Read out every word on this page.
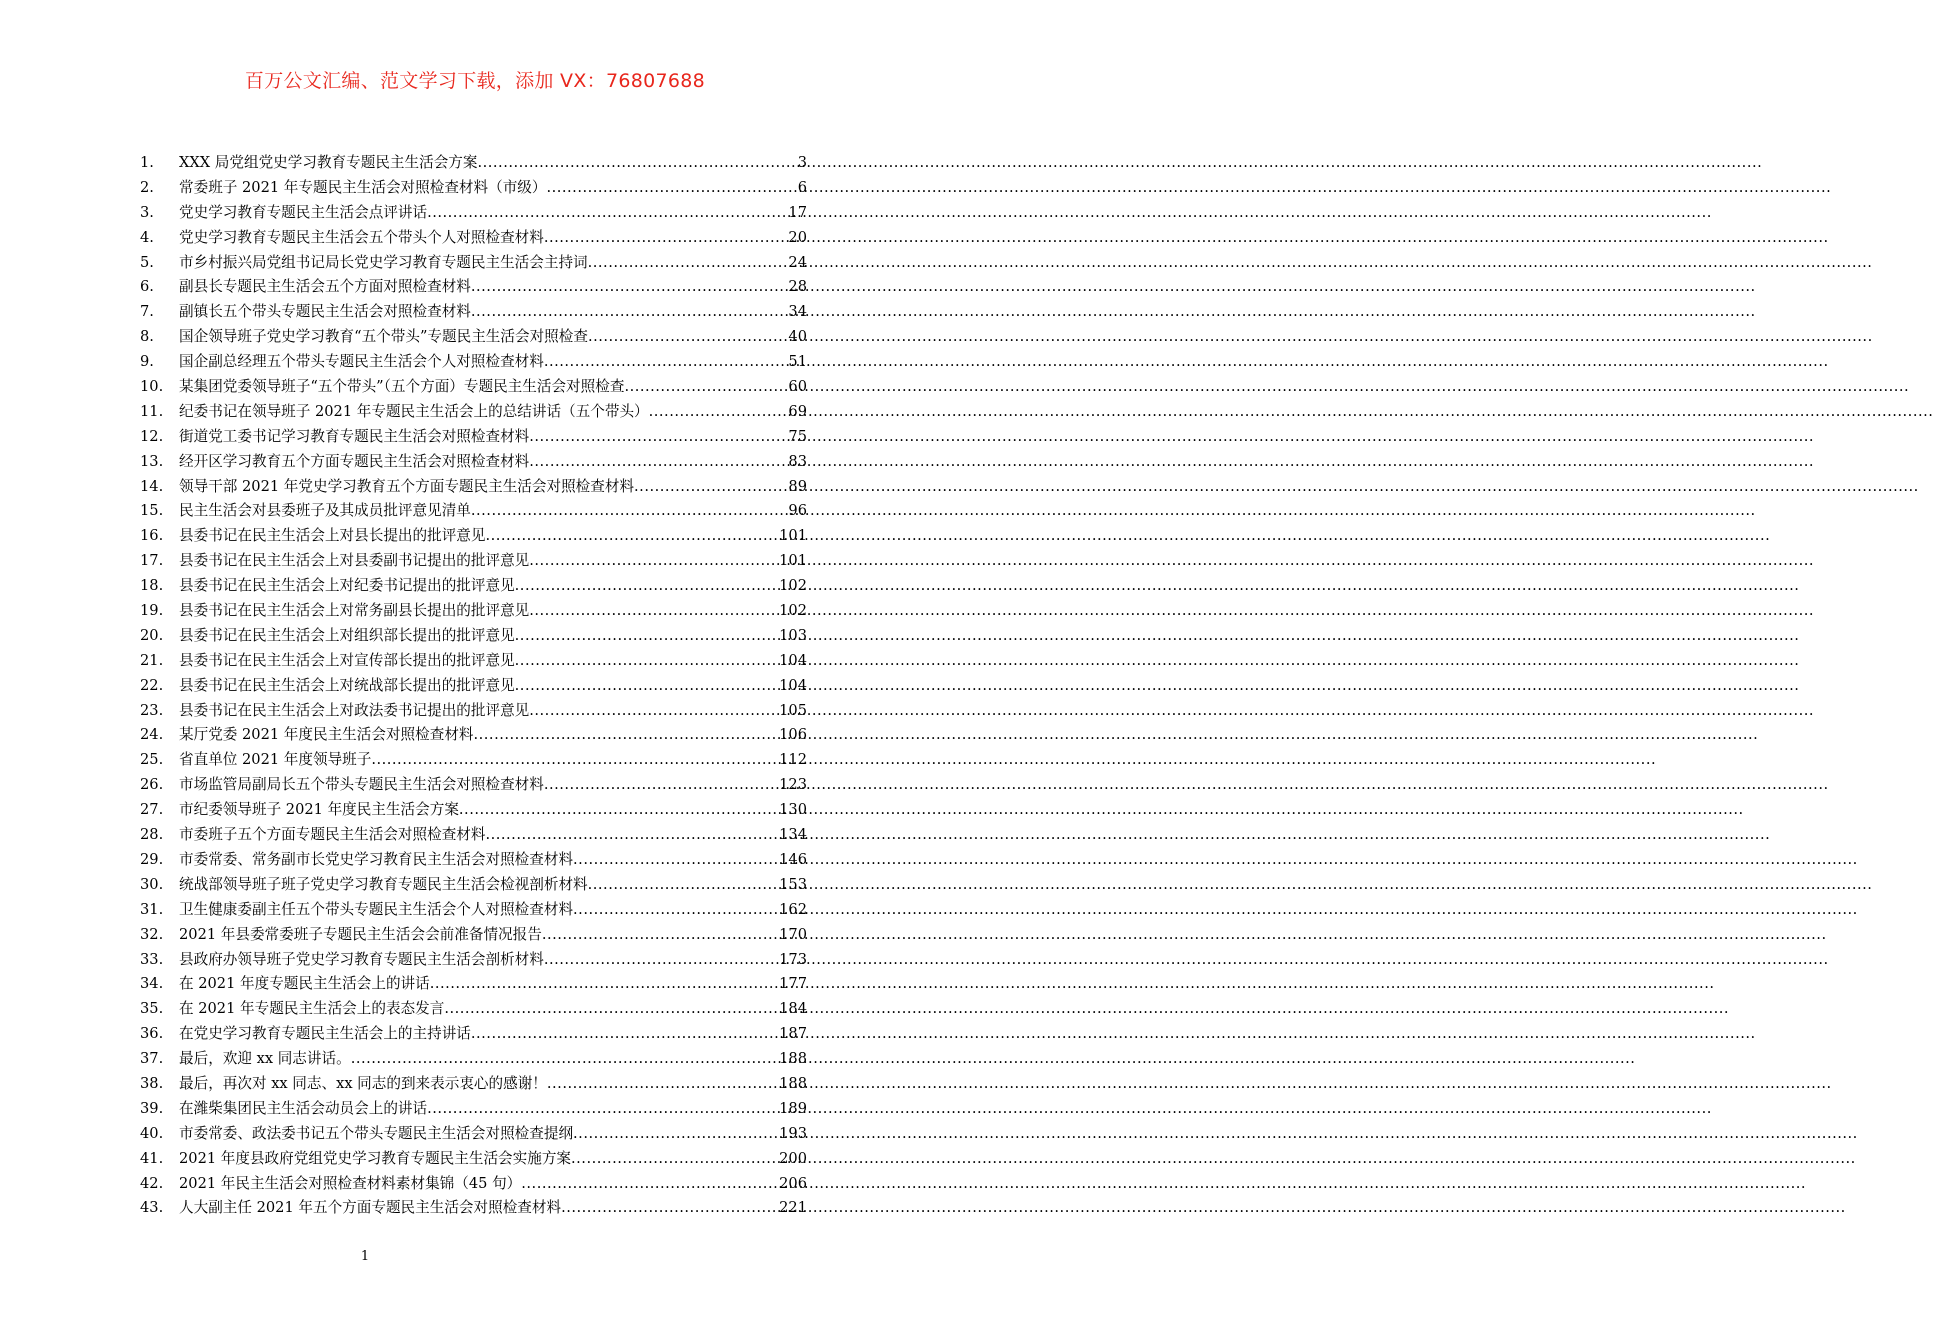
百万公文汇编、范文学习下载，添加 VX：76807688
1.	XXX 局党组党史学习教育专题民主生活会方案 .....	3
2.	常委班子 2021 年专题民主生活会对照检查材料（市级） .....	6
3.	党史学习教育专题民主生活会点评讲话 .....	17
4.	党史学习教育专题民主生活会五个带头个人对照检查材料 .....	20
5.	市乡村振兴局党组书记局长党史学习教育专题民主生活会主持词 .....	24
6.	副县长专题民主生活会五个方面对照检查材料 .....	28
7.	副镇长五个带头专题民主生活会对照检查材料 .....	34
8.	国企领导班子党史学习教育“五个带头”专题民主生活会对照检查 .....	40
9.	国企副总经理五个带头专题民主生活会个人对照检查材料 .....	51
10.	某集团党委领导班子“五个带头”（五个方面）专题民主生活会对照检查 .....	60
11.	纪委书记在领导班子 2021 年专题民主生活会上的总结讲话（五个带头） .....	69
12.	街道党工委书记学习教育专题民主生活会对照检查材料 .....	75
13.	经开区学习教育五个方面专题民主生活会对照检查材料 .....	83
14.	领导干部 2021 年党史学习教育五个方面专题民主生活会对照检查材料 .....	89
15.	民主生活会对县委班子及其成员批评意见清单 .....	96
16.	县委书记在民主生活会上对县长提出的批评意见 .....	101
17.	县委书记在民主生活会上对县委副书记提出的批评意见 .....	101
18.	县委书记在民主生活会上对纪委书记提出的批评意见 .....	102
19.	县委书记在民主生活会上对常务副县长提出的批评意见 .....	102
20.	县委书记在民主生活会上对组织部长提出的批评意见 .....	103
21.	县委书记在民主生活会上对宣传部长提出的批评意见 .....	104
22.	县委书记在民主生活会上对统战部长提出的批评意见 .....	104
23.	县委书记在民主生活会上对政法委书记提出的批评意见 .....	105
24.	某厅党委 2021 年度民主生活会对照检查材料 .....	106
25.	省直单位 2021 年度领导班子 .....	112
26.	市场监管局副局长五个带头专题民主生活会对照检查材料 .....	123
27.	市纪委领导班子 2021 年度民主生活会方案 .....	130
28.	市委班子五个方面专题民主生活会对照检查材料 .....	134
29.	市委常委、常务副市长党史学习教育民主生活会对照检查材料 .....	146
30.	统战部领导班子班子党史学习教育专题民主生活会检视剖析材料 .....	153
31.	卫生健康委副主任五个带头专题民主生活会个人对照检查材料 .....	162
32.	2021 年县委常委班子专题民主生活会会前准备情况报告 .....	170
33.	县政府办领导班子党史学习教育专题民主生活会剖析材料 .....	173
34.	在 2021 年度专题民主生活会上的讲话 .....	177
35.	在 2021 年专题民主生活会上的表态发言 .....	184
36.	在党史学习教育专题民主生活会上的主持讲话 .....	187
37.	最后，欢迎 xx 同志讲话。 .....	188
38.	最后，再次对 xx 同志、xx 同志的到来表示衷心的感谢！ .....	188
39.	在潍柴集团民主生活会动员会上的讲话 .....	189
40.	市委常委、政法委书记五个带头专题民主生活会对照检查提纲 .....	193
41.	2021 年度县政府党组党史学习教育专题民主生活会实施方案 .....	200
42.	2021 年民主生活会对照检查材料素材集锦（45 句） .....	206
43.	人大副主任 2021 年五个方面专题民主生活会对照检查材料 .....	221
1
